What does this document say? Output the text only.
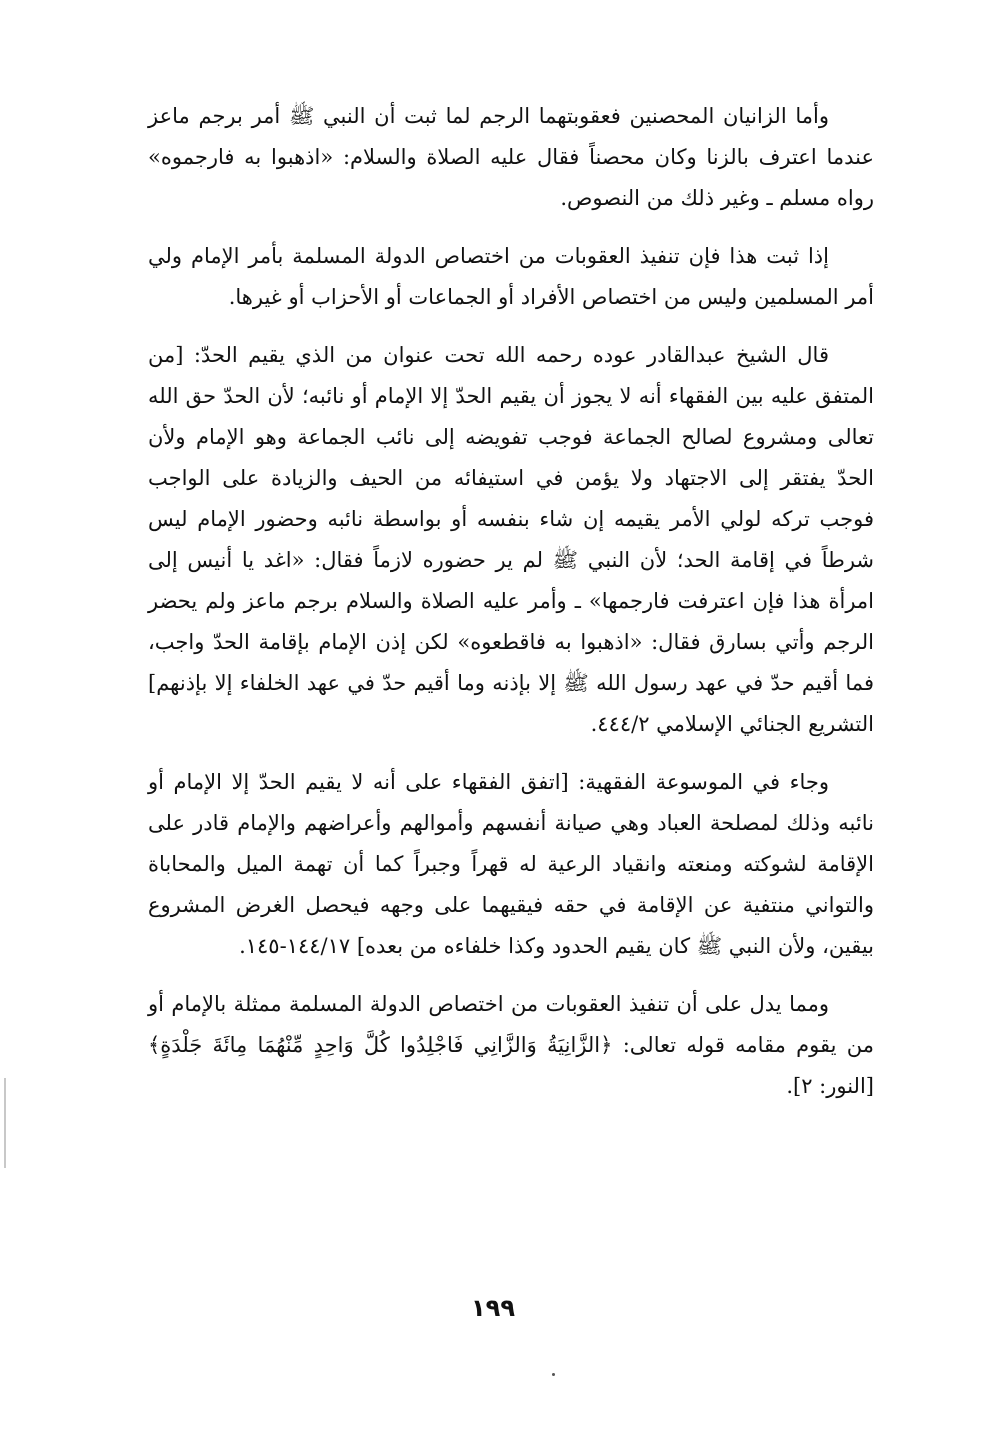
وأما الزانيان المحصنين فعقوبتهما الرجم لما ثبت أن النبي ﷺ أمر برجم ماعز عندما اعترف بالزنا وكان محصناً فقال عليه الصلاة والسلام: «اذهبوا به فارجموه» رواه مسلم ـ وغير ذلك من النصوص.

إذا ثبت هذا فإن تنفيذ العقوبات من اختصاص الدولة المسلمة بأمر الإمام ولي أمر المسلمين وليس من اختصاص الأفراد أو الجماعات أو الأحزاب أو غيرها.

قال الشيخ عبدالقادر عوده رحمه الله تحت عنوان من الذي يقيم الحدّ: [من المتفق عليه بين الفقهاء أنه لا يجوز أن يقيم الحدّ إلا الإمام أو نائبه؛ لأن الحدّ حق الله تعالى ومشروع لصالح الجماعة فوجب تفويضه إلى نائب الجماعة وهو الإمام ولأن الحدّ يفتقر إلى الاجتهاد ولا يؤمن في استيفائه من الحيف والزيادة على الواجب فوجب تركه لولي الأمر يقيمه إن شاء بنفسه أو بواسطة نائبه وحضور الإمام ليس شرطاً في إقامة الحد؛ لأن النبي ﷺ لم ير حضوره لازماً فقال: «اغد يا أنيس إلى امرأة هذا فإن اعترفت فارجمها» ـ وأمر عليه الصلاة والسلام برجم ماعز ولم يحضر الرجم وأتي بسارق فقال: «اذهبوا به فاقطعوه» لكن إذن الإمام بإقامة الحدّ واجب، فما أقيم حدّ في عهد رسول الله ﷺ إلا بإذنه وما أقيم حدّ في عهد الخلفاء إلا بإذنهم] التشريع الجنائي الإسلامي ٤٤٤/٢.

وجاء في الموسوعة الفقهية: [اتفق الفقهاء على أنه لا يقيم الحدّ إلا الإمام أو نائبه وذلك لمصلحة العباد وهي صيانة أنفسهم وأموالهم وأعراضهم والإمام قادر على الإقامة لشوكته ومنعته وانقياد الرعية له قهراً وجبراً كما أن تهمة الميل والمحاباة والتواني منتفية عن الإقامة في حقه فيقيهما على وجهه فيحصل الغرض المشروع بيقين، ولأن النبي ﷺ كان يقيم الحدود وكذا خلفاءه من بعده] ١٤٤/١٧-١٤٥.

ومما يدل على أن تنفيذ العقوبات من اختصاص الدولة المسلمة ممثلة بالإمام أو من يقوم مقامه قوله تعالى: ﴿الزَّانِيَةُ وَالزَّانِي فَاجْلِدُوا كُلَّ وَاحِدٍ مِّنْهُمَا مِائَةَ جَلْدَةٍ﴾ [النور: ٢].

١٩٩
